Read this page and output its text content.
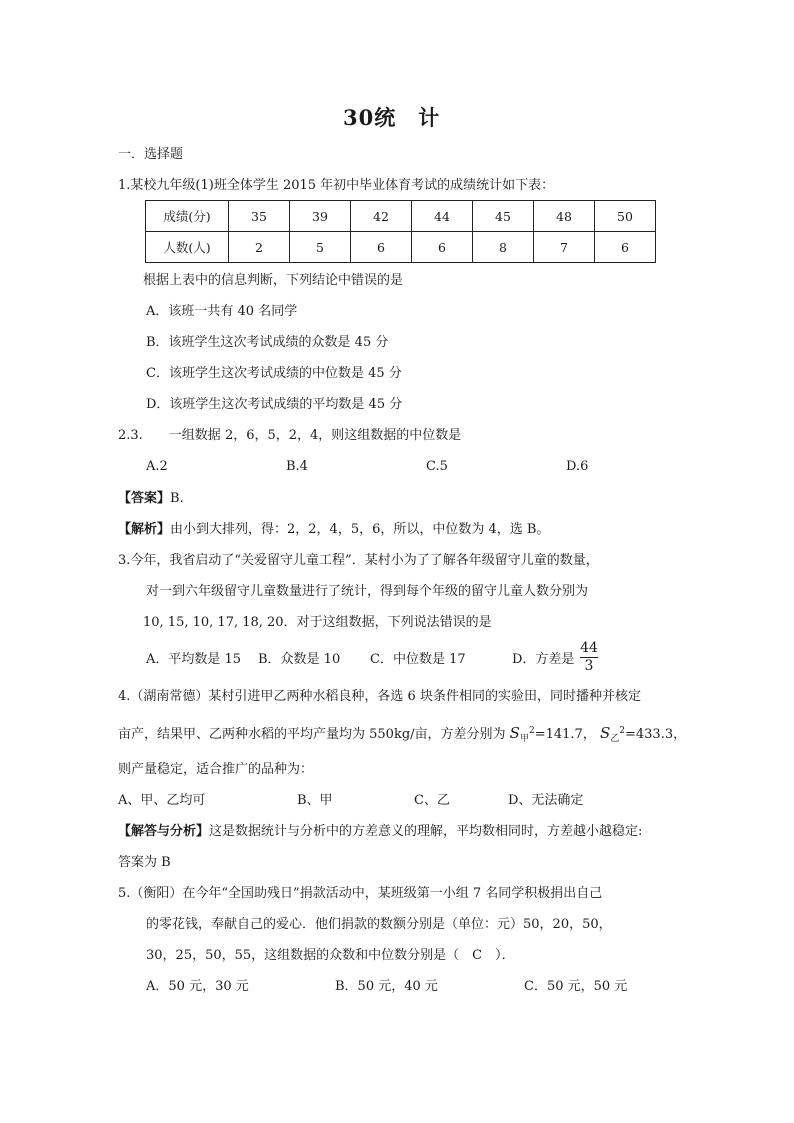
30统　计
一．选择题
1.某校九年级(1)班全体学生 2015 年初中毕业体育考试的成绩统计如下表：
成绩(分)	35	39	42	44	45	48	50
人数(人)	2	5	6	6	8	7	6
根据上表中的信息判断，下列结论中错误的是
A．该班一共有 40 名同学
B．该班学生这次考试成绩的众数是 45 分
C．该班学生这次考试成绩的中位数是 45 分
D．该班学生这次考试成绩的平均数是 45 分
2.3.　　一组数据 2，6，5，2，4，则这组数据的中位数是
A.2	B.4	C.5	D.6
【答案】B.
【解析】由小到大排列，得：2，2，4，5，6，所以，中位数为 4，选 B。
3.今年，我省启动了“关爱留守儿童工程”．某村小为了了解各年级留守儿童的数量，
对一到六年级留守儿童数量进行了统计，得到每个年级的留守儿童人数分别为
10, 15, 10, 17, 18, 20．对于这组数据，下列说法错误的是
A．平均数是 15 B．众数是 10 C．中位数是 17	D．方差是
44
3
4.（湖南常德）某村引进甲乙两种水稻良种，各选 6 块条件相同的实验田，同时播种并核定
亩产，结果甲、乙两种水稻的平均产量均为 550kg/亩，方差分别为 $S_甲^2=141.7$， $S_乙^2=433.3$，
则产量稳定，适合推广的品种为：
A、甲、乙均可	B、甲	C、乙	D、无法确定
【解答与分析】这是数据统计与分析中的方差意义的理解，平均数相同时，方差越小越稳定:
答案为 B
5.（衡阳）在今年“全国助残日”捐款活动中，某班级第一小组 7 名同学积极捐出自己
的零花钱，奉献自己的爱心．他们捐款的数额分别是（单位：元）50，20，50，
30，25，50，55，这组数据的众数和中位数分别是（　C　）．
A．50 元，30 元	B．50 元，40 元	C．50 元，50 元
